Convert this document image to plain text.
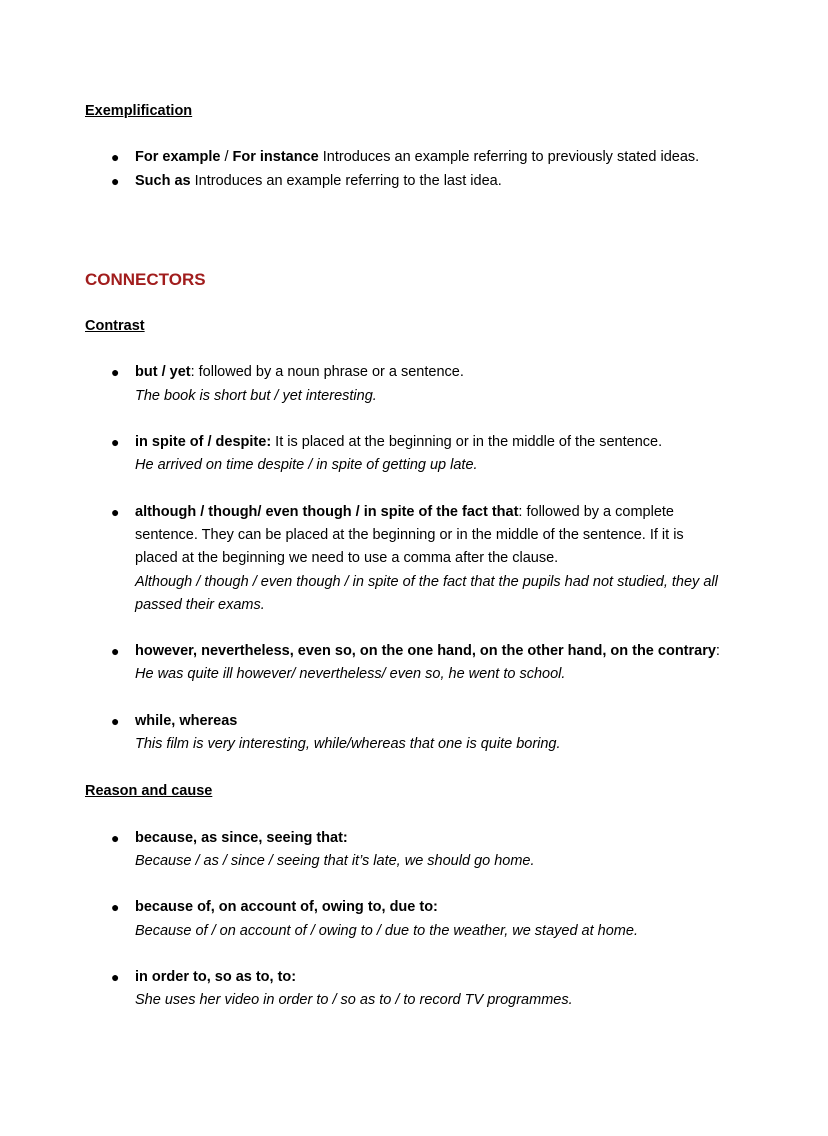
Exemplification

● For example / For instance Introduces an example referring to previously stated ideas.
● Such as Introduces an example referring to the last idea.

CONNECTORS

Contrast

● but / yet: followed by a noun phrase or a sentence.
The book is short but / yet interesting.
● in spite of / despite: It is placed at the beginning or in the middle of the sentence.
He arrived on time despite / in spite of getting up late.
● although / though/ even though / in spite of the fact that: followed by a complete sentence. They can be placed at the beginning or in the middle of the sentence. If it is placed at the beginning we need to use a comma after the clause.
Although / though / even though / in spite of the fact that the pupils had not studied, they all passed their exams.
● however, nevertheless, even so, on the one hand, on the other hand, on the contrary:
He was quite ill however/ nevertheless/ even so, he went to school.
● while, whereas
This film is very interesting, while/whereas that one is quite boring.

Reason and cause

● because, as since, seeing that:
Because / as / since / seeing that it’s late, we should go home.
● because of, on account of, owing to, due to:
Because of / on account of / owing to / due to the weather, we stayed at home.
● in order to, so as to, to:
She uses her video in order to / so as to / to record TV programmes.
